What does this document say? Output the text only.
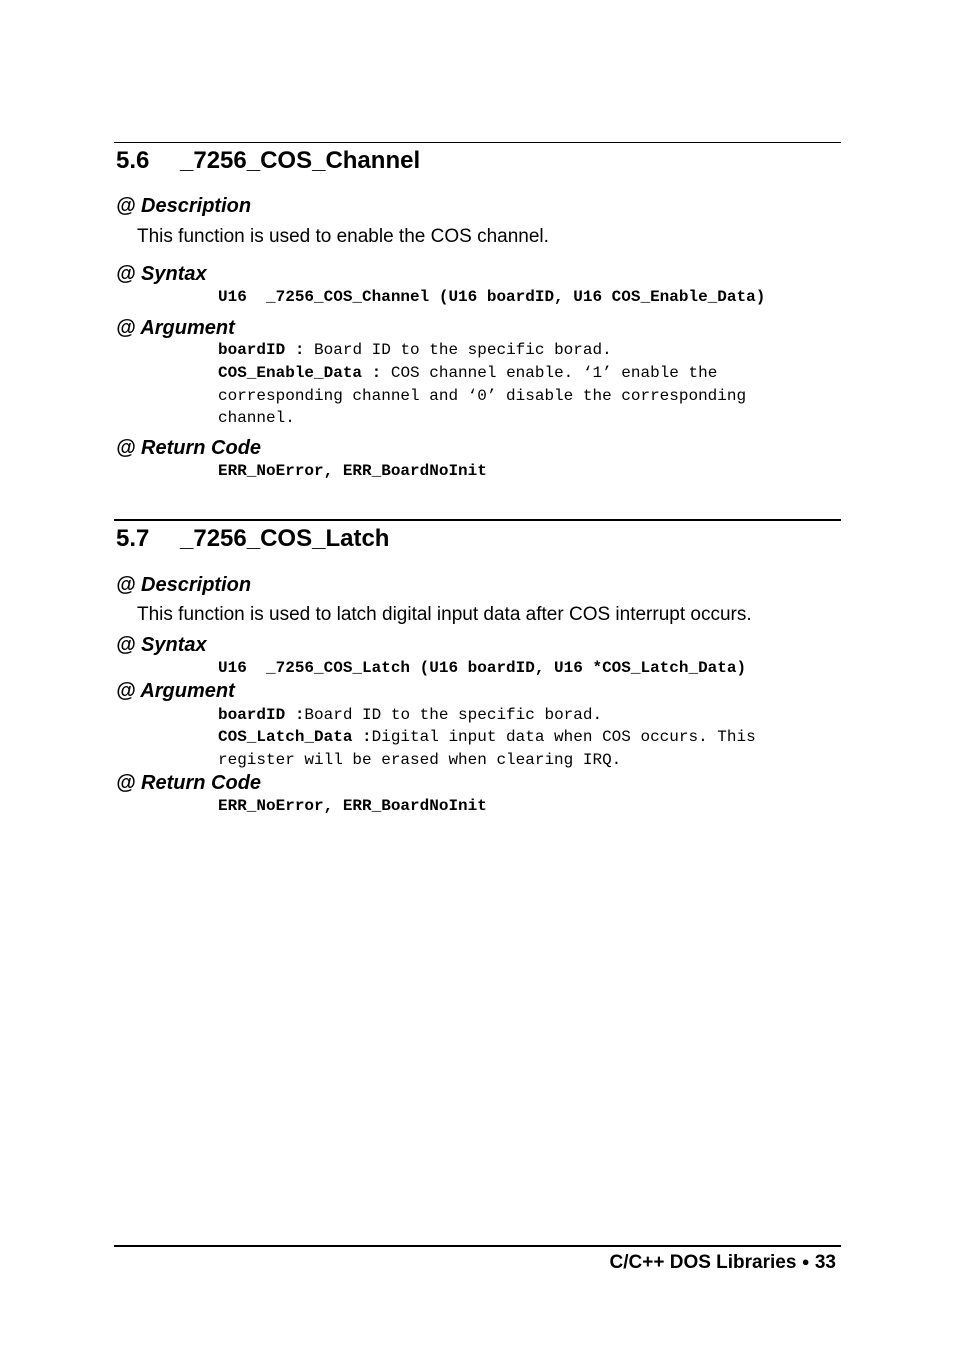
5.6 _7256_COS_Channel
@ Description
This function is used to enable the COS channel.
@ Syntax
U16  _7256_COS_Channel (U16 boardID, U16 COS_Enable_Data)
@ Argument
boardID : Board ID to the specific borad.
COS_Enable_Data : COS channel enable. ‘1’ enable the
corresponding channel and ‘0’ disable the corresponding
channel.
@ Return Code
ERR_NoError, ERR_BoardNoInit
5.7 _7256_COS_Latch
@ Description
This function is used to latch digital input data after COS interrupt occurs.
@ Syntax
U16  _7256_COS_Latch (U16 boardID, U16 *COS_Latch_Data)
@ Argument
boardID :Board ID to the specific borad.
COS_Latch_Data :Digital input data when COS occurs. This
register will be erased when clearing IRQ.
@ Return Code
ERR_NoError, ERR_BoardNoInit
C/C++ DOS Libraries ● 33
